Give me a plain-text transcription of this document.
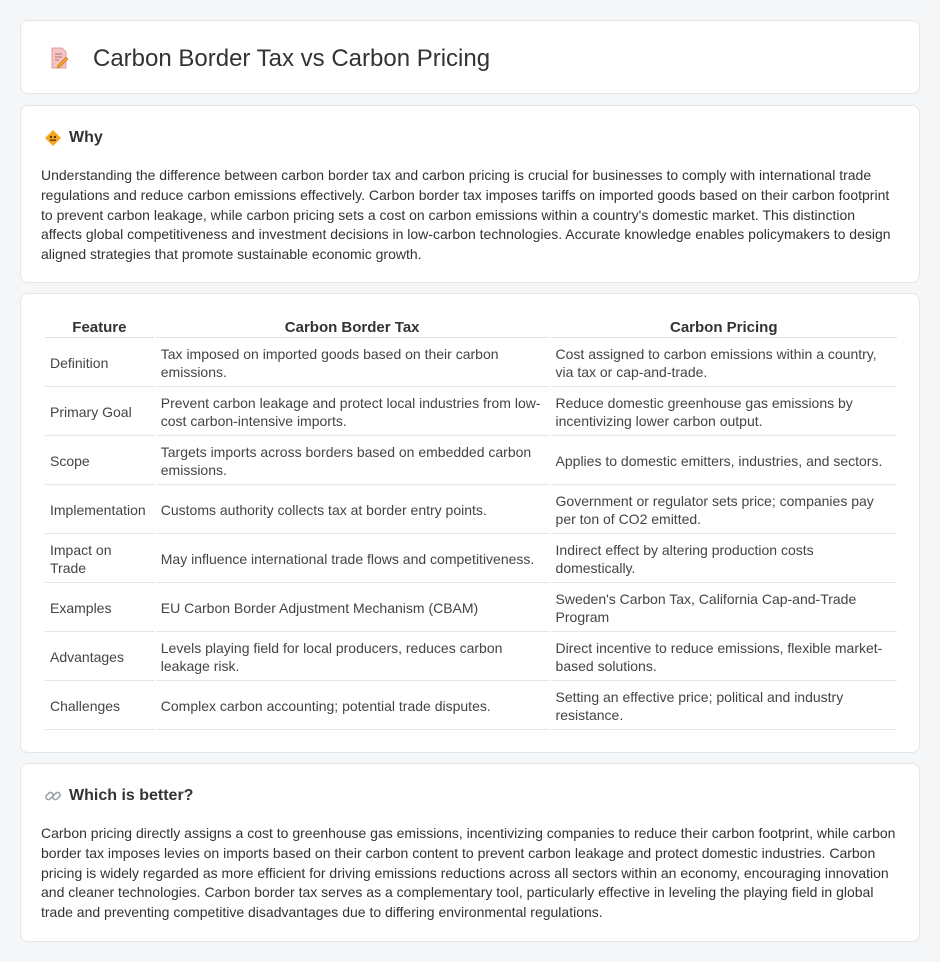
Carbon Border Tax vs Carbon Pricing
Why

Understanding the difference between carbon border tax and carbon pricing is crucial for businesses to comply with international trade regulations and reduce carbon emissions effectively. Carbon border tax imposes tariffs on imported goods based on their carbon footprint to prevent carbon leakage, while carbon pricing sets a cost on carbon emissions within a country's domestic market. This distinction affects global competitiveness and investment decisions in low-carbon technologies. Accurate knowledge enables policymakers to design aligned strategies that promote sustainable economic growth.

Feature	Carbon Border Tax	Carbon Pricing
Definition	Tax imposed on imported goods based on their carbon emissions.	Cost assigned to carbon emissions within a country, via tax or cap-and-trade.
Primary Goal	Prevent carbon leakage and protect local industries from low-cost carbon-intensive imports.	Reduce domestic greenhouse gas emissions by incentivizing lower carbon output.
Scope	Targets imports across borders based on embedded carbon emissions.	Applies to domestic emitters, industries, and sectors.
Implementation	Customs authority collects tax at border entry points.	Government or regulator sets price; companies pay per ton of CO2 emitted.
Impact on Trade	May influence international trade flows and competitiveness.	Indirect effect by altering production costs domestically.
Examples	EU Carbon Border Adjustment Mechanism (CBAM)	Sweden's Carbon Tax, California Cap-and-Trade Program
Advantages	Levels playing field for local producers, reduces carbon leakage risk.	Direct incentive to reduce emissions, flexible market-based solutions.
Challenges	Complex carbon accounting; potential trade disputes.	Setting an effective price; political and industry resistance.
Which is better?

Carbon pricing directly assigns a cost to greenhouse gas emissions, incentivizing companies to reduce their carbon footprint, while carbon border tax imposes levies on imports based on their carbon content to prevent carbon leakage and protect domestic industries. Carbon pricing is widely regarded as more efficient for driving emissions reductions across all sectors within an economy, encouraging innovation and cleaner technologies. Carbon border tax serves as a complementary tool, particularly effective in leveling the playing field in global trade and preventing competitive disadvantages due to differing environmental regulations.
